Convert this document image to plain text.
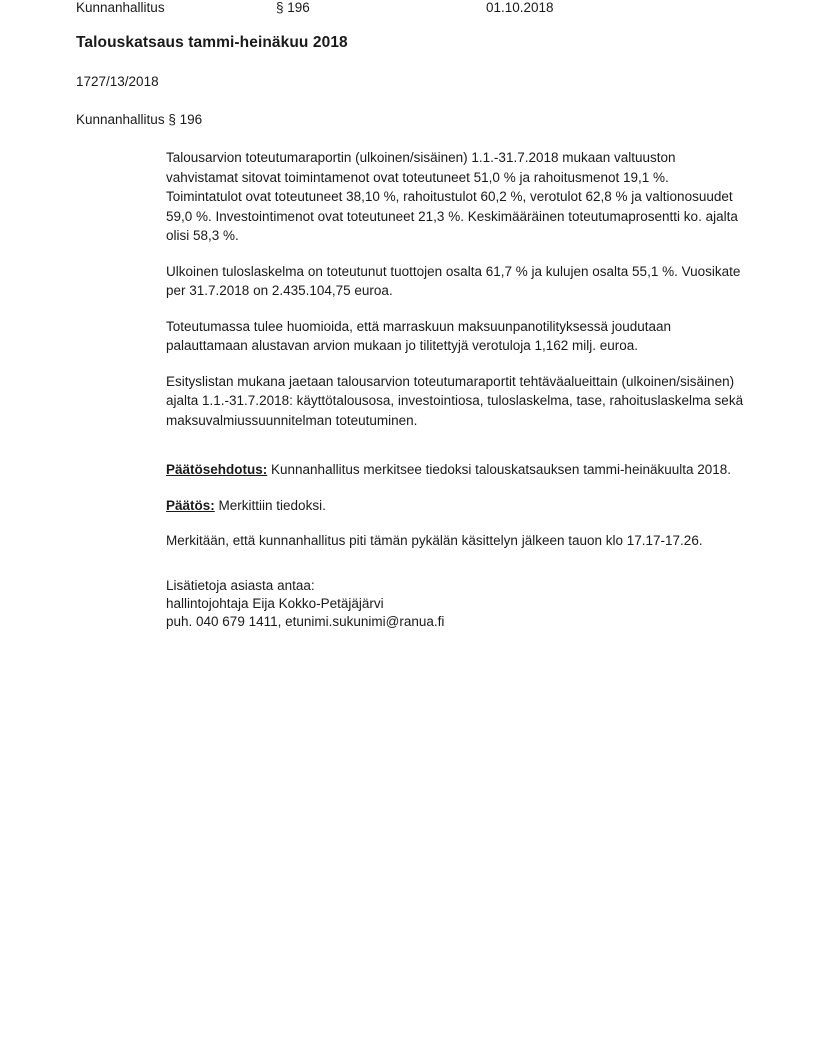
Kunnanhallitus	§ 196	01.10.2018
Talouskatsaus tammi-heinäkuu 2018
1727/13/2018
Kunnanhallitus § 196

Talousarvion toteutumaraportin (ulkoinen/sisäinen) 1.1.-31.7.2018 mukaan valtuuston vahvistamat sitovat toimintamenot ovat toteutuneet 51,0 % ja rahoitusmenot 19,1 %. Toimintatulot ovat toteutuneet 38,10 %, rahoitustulot 60,2 %, verotulot 62,8 % ja valtionosuudet 59,0 %. Investointimenot ovat toteutuneet 21,3 %. Keskimääräinen toteutumaprosentti ko. ajalta olisi 58,3 %.

Ulkoinen tuloslaskelma on toteutunut tuottojen osalta 61,7 % ja kulujen osalta 55,1 %. Vuosikate per 31.7.2018 on 2.435.104,75 euroa.

Toteutumassa tulee huomioida, että marraskuun maksuunpanotilityksessä joudutaan palauttamaan alustavan arvion mukaan jo tilitettyjä verotuloja 1,162 milj. euroa.

Esityslistan mukana jaetaan talousarvion toteutumaraportit tehtäväalueittain (ulkoinen/sisäinen) ajalta 1.1.-31.7.2018: käyttötalousosa, investointiosa, tuloslaskelma, tase, rahoituslaskelma sekä maksuvalmiussuunnitelman toteutuminen.

Päätösehdotus: Kunnanhallitus merkitsee tiedoksi talouskatsauksen tammi-heinäkuulta 2018.

Päätös: Merkittiin tiedoksi.

Merkitään, että kunnanhallitus piti tämän pykälän käsittelyn jälkeen tauon klo 17.17-17.26.

Lisätietoja asiasta antaa:

hallintojohtaja Eija Kokko-Petäjäjärvi

puh. 040 679 1411, etunimi.sukunimi@ranua.fi
